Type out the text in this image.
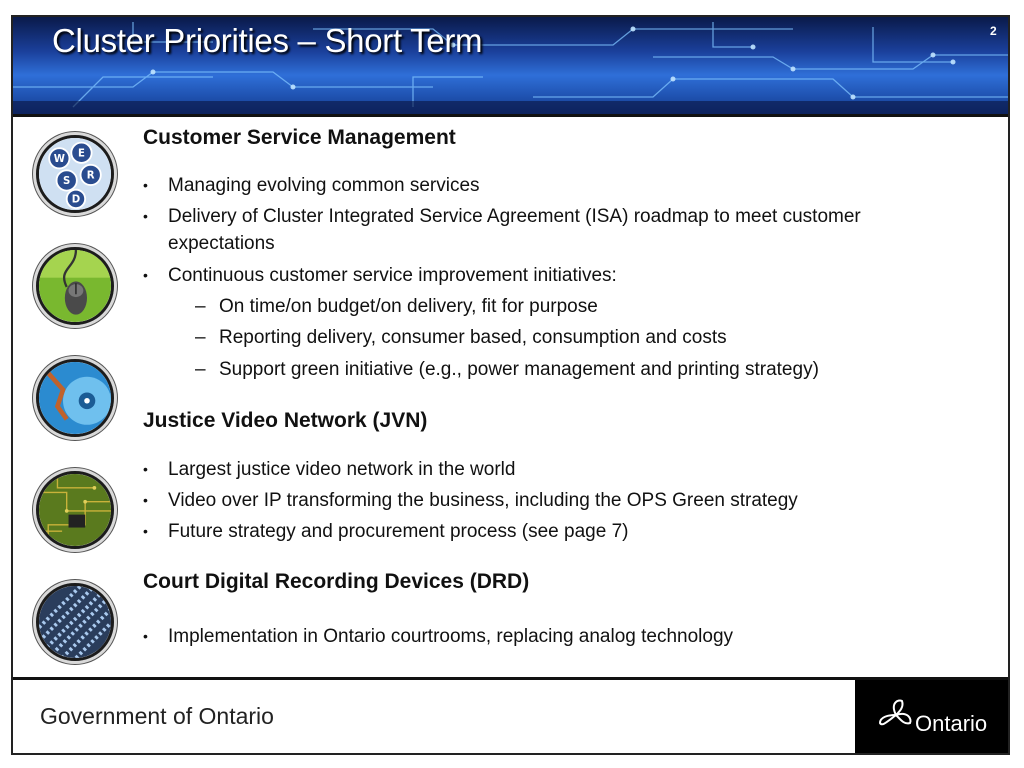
Cluster Priorities – Short Term	2
W
E
S
R
D
Customer Service Management
•	Managing evolving common services
•	Delivery of Cluster Integrated Service Agreement (ISA) roadmap to meet customer expectations
•	Continuous customer service improvement initiatives:
– On time/on budget/on delivery, fit for purpose
– Reporting delivery, consumer based, consumption and costs
– Support green initiative (e.g., power management and printing strategy)
Justice Video Network (JVN)
•	Largest justice video network in the world
•	Video over IP transforming the business, including the OPS Green strategy
•	Future strategy and procurement process (see page 7)
Court Digital Recording Devices (DRD)
•	Implementation in Ontario courtrooms, replacing analog technology
Government of Ontario	Ontario
